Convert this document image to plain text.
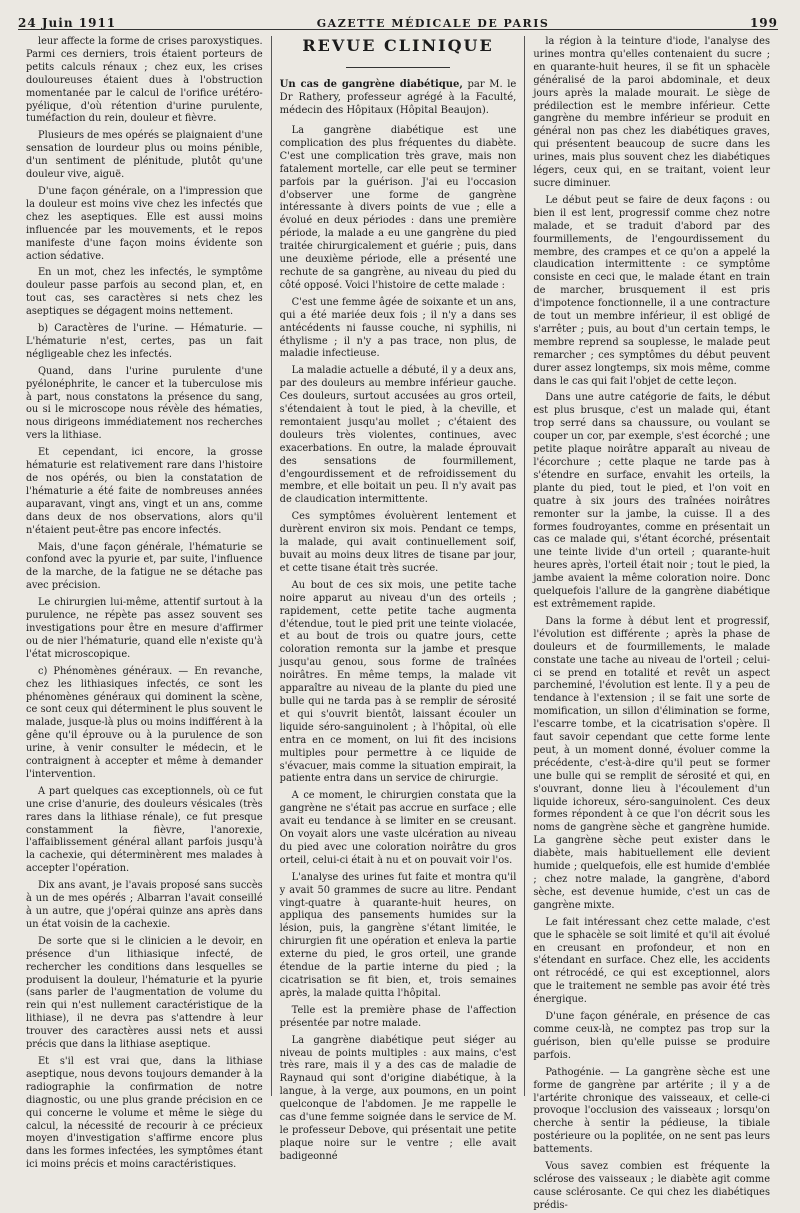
24 Juin 1911	GAZETTE MÉDICALE DE PARIS	199

leur affecte la forme de crises paroxystiques. Parmi ces derniers, trois étaient porteurs de petits calculs rénaux ; chez eux, les crises douloureuses étaient dues à l'obstruction momentanée par le calcul de l'orifice urétéro-pyélique, d'où rétention d'urine purulente, tuméfaction du rein, douleur et fièvre.

Plusieurs de mes opérés se plaignaient d'une sensation de lourdeur plus ou moins pénible, d'un sentiment de plénitude, plutôt qu'une douleur vive, aiguë.

D'une façon générale, on a l'impression que la douleur est moins vive chez les infectés que chez les aseptiques. Elle est aussi moins influencée par les mouvements, et le repos manifeste d'une façon moins évidente son action sédative.

En un mot, chez les infectés, le symptôme douleur passe parfois au second plan, et, en tout cas, ses caractères si nets chez les aseptiques se dégagent moins nettement.

b) Caractères de l'urine. — Hématurie. — L'hématurie n'est, certes, pas un fait négligeable chez les infectés.

Quand, dans l'urine purulente d'une pyélonéphrite, le cancer et la tuberculose mis à part, nous constatons la présence du sang, ou si le microscope nous révèle des hématies, nous dirigeons immédiatement nos recherches vers la lithiase.

Et cependant, ici encore, la grosse hématurie est relativement rare dans l'histoire de nos opérés, ou bien la constatation de l'hématurie a été faite de nombreuses années auparavant, vingt ans, vingt et un ans, comme dans deux de nos observations, alors qu'il n'étaient peut-être pas encore infectés.

Mais, d'une façon générale, l'hématurie se confond avec la pyurie et, par suite, l'influence de la marche, de la fatigue ne se détache pas avec précision.

Le chirurgien lui-même, attentif surtout à la purulence, ne répète pas assez souvent ses investigations pour être en mesure d'affirmer ou de nier l'hématurie, quand elle n'existe qu'à l'état microscopique.

c) Phénomènes généraux. — En revanche, chez les lithiasiques infectés, ce sont les phénomènes généraux qui dominent la scène, ce sont ceux qui déterminent le plus souvent le malade, jusque-là plus ou moins indifférent à la gêne qu'il éprouve ou à la purulence de son urine, à venir consulter le médecin, et le contraignent à accepter et même à demander l'intervention.

A part quelques cas exceptionnels, où ce fut une crise d'anurie, des douleurs vésicales (très rares dans la lithiase rénale), ce fut presque constamment la fièvre, l'anorexie, l'affaiblissement général allant parfois jusqu'à la cachexie, qui déterminèrent mes malades à accepter l'opération.

Dix ans avant, je l'avais proposé sans succès à un de mes opérés ; Albarran l'avait conseillé à un autre, que j'opérai quinze ans après dans un état voisin de la cachexie.

De sorte que si le clinicien a le devoir, en présence d'un lithiasique infecté, de rechercher les conditions dans lesquelles se produisent la douleur, l'hématurie et la pyurie (sans parler de l'augmentation de volume du rein qui n'est nullement caractéristique de la lithiase), il ne devra pas s'attendre à leur trouver des caractères aussi nets et aussi précis que dans la lithiase aseptique.

Et s'il est vrai que, dans la lithiase aseptique, nous devons toujours demander à la radiographie la confirmation de notre diagnostic, ou une plus grande précision en ce qui concerne le volume et même le siège du calcul, la nécessité de recourir à ce précieux moyen d'investigation s'affirme encore plus dans les formes infectées, les symptômes étant ici moins précis et moins caractéristiques.

REVUE CLINIQUE
Un cas de gangrène diabétique, par M. le Dr Rathery, professeur agrégé à la Faculté, médecin des Hôpitaux (Hôpital Beaujon).

La gangrène diabétique est une complication des plus fréquentes du diabète. C'est une complication très grave, mais non fatalement mortelle, car elle peut se terminer parfois par la guérison. J'ai eu l'occasion d'observer une forme de gangrène intéressante à divers points de vue ; elle a évolué en deux périodes : dans une première période, la malade a eu une gangrène du pied traitée chirurgicalement et guérie ; puis, dans une deuxième période, elle a présenté une rechute de sa gangrène, au niveau du pied du côté opposé. Voici l'histoire de cette malade :

C'est une femme âgée de soixante et un ans, qui a été mariée deux fois ; il n'y a dans ses antécédents ni fausse couche, ni syphilis, ni éthylisme ; il n'y a pas trace, non plus, de maladie infectieuse.

La maladie actuelle a débuté, il y a deux ans, par des douleurs au membre inférieur gauche. Ces douleurs, surtout accusées au gros orteil, s'étendaient à tout le pied, à la cheville, et remontaient jusqu'au mollet ; c'étaient des douleurs très violentes, continues, avec exacerbations. En outre, la malade éprouvait des sensations de fourmillement, d'engourdissement et de refroidissement du membre, et elle boitait un peu. Il n'y avait pas de claudication intermittente.

Ces symptômes évoluèrent lentement et durèrent environ six mois. Pendant ce temps, la malade, qui avait continuellement soif, buvait au moins deux litres de tisane par jour, et cette tisane était très sucrée.

Au bout de ces six mois, une petite tache noire apparut au niveau d'un des orteils ; rapidement, cette petite tache augmenta d'étendue, tout le pied prit une teinte violacée, et au bout de trois ou quatre jours, cette coloration remonta sur la jambe et presque jusqu'au genou, sous forme de traînées noirâtres. En même temps, la malade vit apparaître au niveau de la plante du pied une bulle qui ne tarda pas à se remplir de sérosité et qui s'ouvrit bientôt, laissant écouler un liquide séro-sanguinolent ; à l'hôpital, où elle entra en ce moment, on lui fit des incisions multiples pour permettre à ce liquide de s'évacuer, mais comme la situation empirait, la patiente entra dans un service de chirurgie.

A ce moment, le chirurgien constata que la gangrène ne s'était pas accrue en surface ; elle avait eu tendance à se limiter en se creusant. On voyait alors une vaste ulcération au niveau du pied avec une coloration noirâtre du gros orteil, celui-ci était à nu et on pouvait voir l'os.

L'analyse des urines fut faite et montra qu'il y avait 50 grammes de sucre au litre. Pendant vingt-quatre à quarante-huit heures, on appliqua des pansements humides sur la lésion, puis, la gangrène s'étant limitée, le chirurgien fit une opération et enleva la partie externe du pied, le gros orteil, une grande étendue de la partie interne du pied ; la cicatrisation se fit bien, et, trois semaines après, la malade quitta l'hôpital.

Telle est la première phase de l'affection présentée par notre malade.

La gangrène diabétique peut siéger au niveau de points multiples : aux mains, c'est très rare, mais il y a des cas de maladie de Raynaud qui sont d'origine diabétique, à la langue, à la verge, aux poumons, en un point quelconque de l'abdomen. Je me rappelle le cas d'une femme soignée dans le service de M. le professeur Debove, qui présentait une petite plaque noire sur le ventre ; elle avait badigeonné

la région à la teinture d'iode, l'analyse des urines montra qu'elles contenaient du sucre ; en quarante-huit heures, il se fit un sphacèle généralisé de la paroi abdominale, et deux jours après la malade mourait. Le siège de prédilection est le membre inférieur. Cette gangrène du membre inférieur se produit en général non pas chez les diabétiques graves, qui présentent beaucoup de sucre dans les urines, mais plus souvent chez les diabétiques légers, ceux qui, en se traitant, voient leur sucre diminuer.

Le début peut se faire de deux façons : ou bien il est lent, progressif comme chez notre malade, et se traduit d'abord par des fourmillements, de l'engourdissement du membre, des crampes et ce qu'on a appelé la claudication intermittente : ce symptôme consiste en ceci que, le malade étant en train de marcher, brusquement il est pris d'impotence fonctionnelle, il a une contracture de tout un membre inférieur, il est obligé de s'arrêter ; puis, au bout d'un certain temps, le membre reprend sa souplesse, le malade peut remarcher ; ces symptômes du début peuvent durer assez longtemps, six mois même, comme dans le cas qui fait l'objet de cette leçon.

Dans une autre catégorie de faits, le début est plus brusque, c'est un malade qui, étant trop serré dans sa chaussure, ou voulant se couper un cor, par exemple, s'est écorché ; une petite plaque noirâtre apparaît au niveau de l'écorchure ; cette plaque ne tarde pas à s'étendre en surface, envahit les orteils, la plante du pied, tout le pied, et l'on voit en quatre à six jours des traînées noirâtres remonter sur la jambe, la cuisse. Il a des formes foudroyantes, comme en présentait un cas ce malade qui, s'étant écorché, présentait une teinte livide d'un orteil ; quarante-huit heures après, l'orteil était noir ; tout le pied, la jambe avaient la même coloration noire. Donc quelquefois l'allure de la gangrène diabétique est extrêmement rapide.

Dans la forme à début lent et progressif, l'évolution est différente ; après la phase de douleurs et de fourmillements, le malade constate une tache au niveau de l'orteil ; celui-ci se prend en totalité et revêt un aspect parcheminé, l'évolution est lente. Il y a peu de tendance à l'extension ; il se fait une sorte de momification, un sillon d'élimination se forme, l'escarre tombe, et la cicatrisation s'opère. Il faut savoir cependant que cette forme lente peut, à un moment donné, évoluer comme la précédente, c'est-à-dire qu'il peut se former une bulle qui se remplit de sérosité et qui, en s'ouvrant, donne lieu à l'écoulement d'un liquide ichoreux, séro-sanguinolent. Ces deux formes répondent à ce que l'on décrit sous les noms de gangrène sèche et gangrène humide. La gangrène sèche peut exister dans le diabète, mais habituellement elle devient humide ; quelquefois, elle est humide d'emblée ; chez notre malade, la gangrène, d'abord sèche, est devenue humide, c'est un cas de gangrène mixte.

Le fait intéressant chez cette malade, c'est que le sphacèle se soit limité et qu'il ait évolué en creusant en profondeur, et non en s'étendant en surface. Chez elle, les accidents ont rétrocédé, ce qui est exceptionnel, alors que le traitement ne semble pas avoir été très énergique.

D'une façon générale, en présence de cas comme ceux-là, ne comptez pas trop sur la guérison, bien qu'elle puisse se produire parfois.

Pathogénie. — La gangrène sèche est une forme de gangrène par artérite ; il y a de l'artérite chronique des vaisseaux, et celle-ci provoque l'occlusion des vaisseaux ; lorsqu'on cherche à sentir la pédieuse, la tibiale postérieure ou la poplitée, on ne sent pas leurs battements.

Vous savez combien est fréquente la sclérose des vaisseaux ; le diabète agit comme cause sclérosante. Ce qui chez les diabétiques prédis-
